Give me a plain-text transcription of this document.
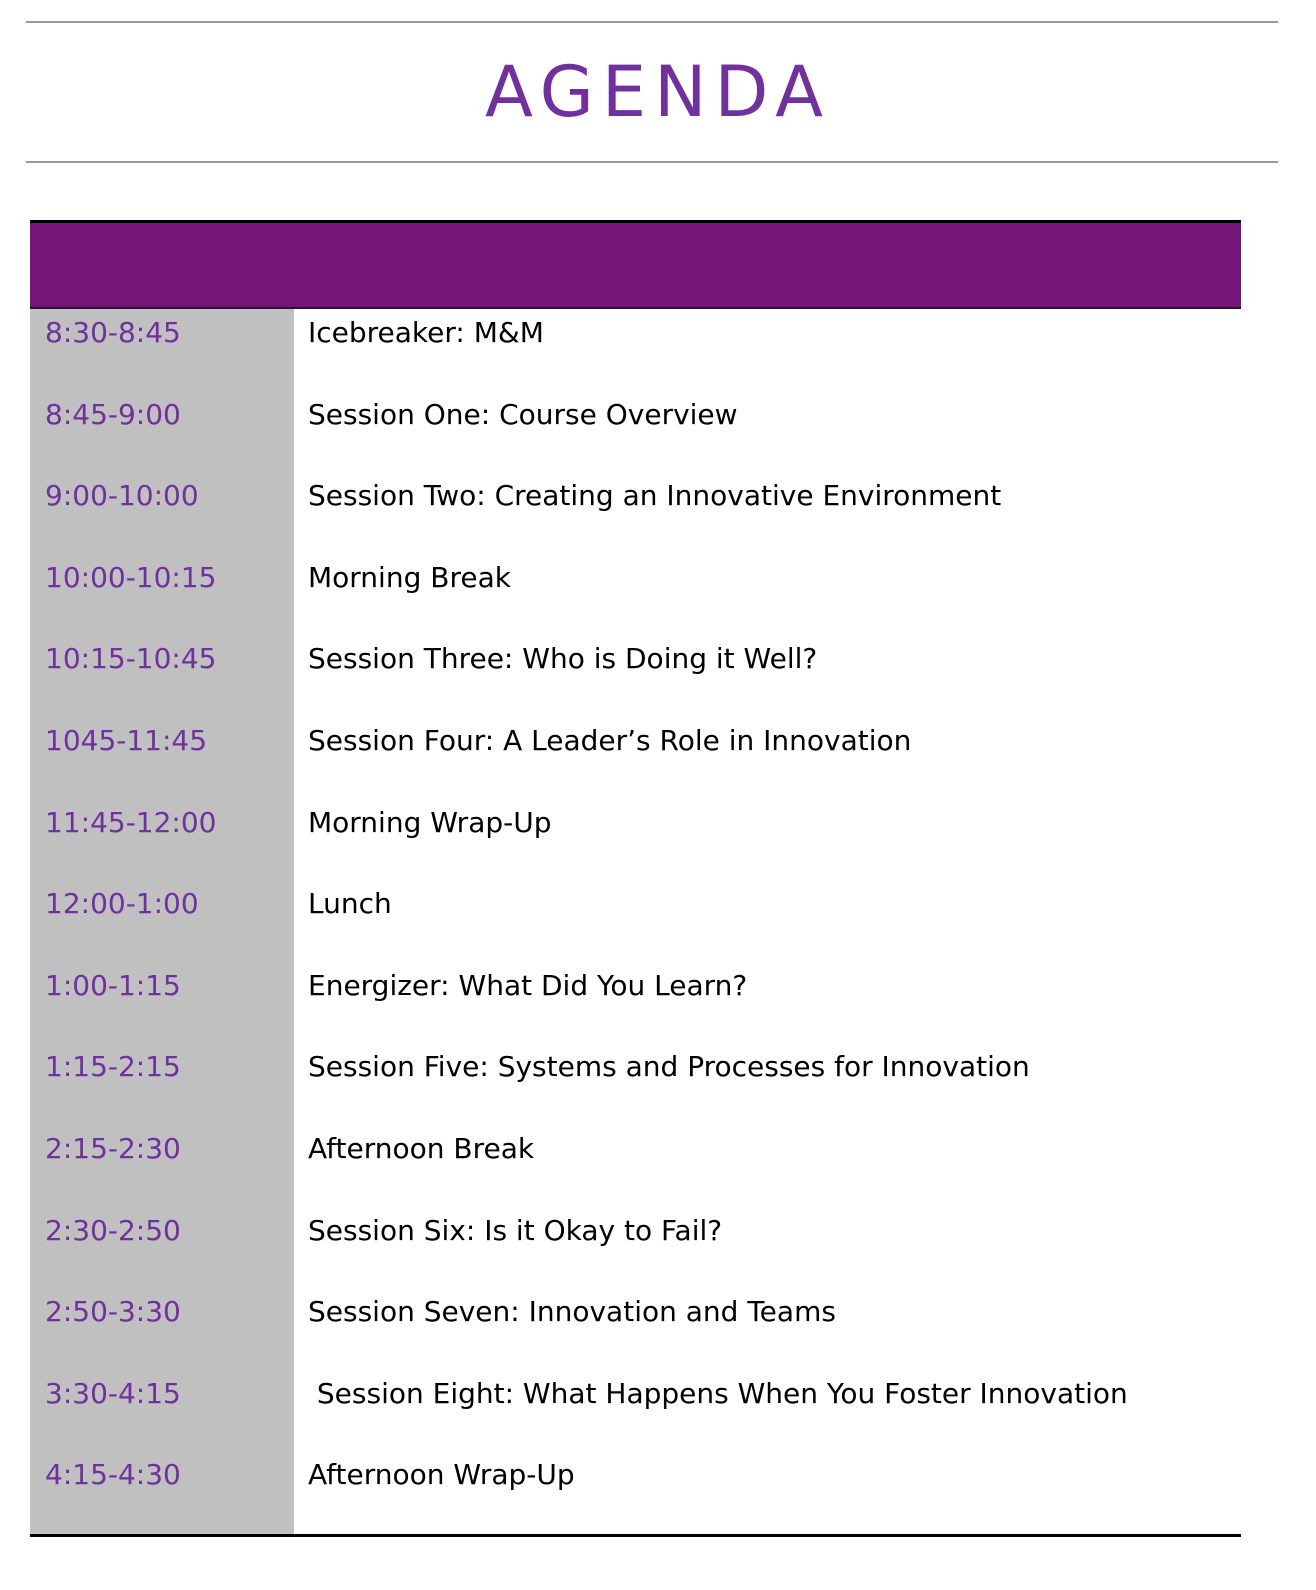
AGENDA
8:30-8:45	Icebreaker: M&M
8:45-9:00	Session One: Course Overview
9:00-10:00	Session Two: Creating an Innovative Environment
10:00-10:15	Morning Break
10:15-10:45	Session Three: Who is Doing it Well?
1045-11:45	Session Four: A Leader’s Role in Innovation
11:45-12:00	Morning Wrap-Up
12:00-1:00	Lunch
1:00-1:15	Energizer: What Did You Learn?
1:15-2:15	Session Five: Systems and Processes for Innovation
2:15-2:30	Afternoon Break
2:30-2:50	Session Six: Is it Okay to Fail?
2:50-3:30	Session Seven: Innovation and Teams
3:30-4:15	Session Eight: What Happens When You Foster Innovation
4:15-4:30	Afternoon Wrap-Up
